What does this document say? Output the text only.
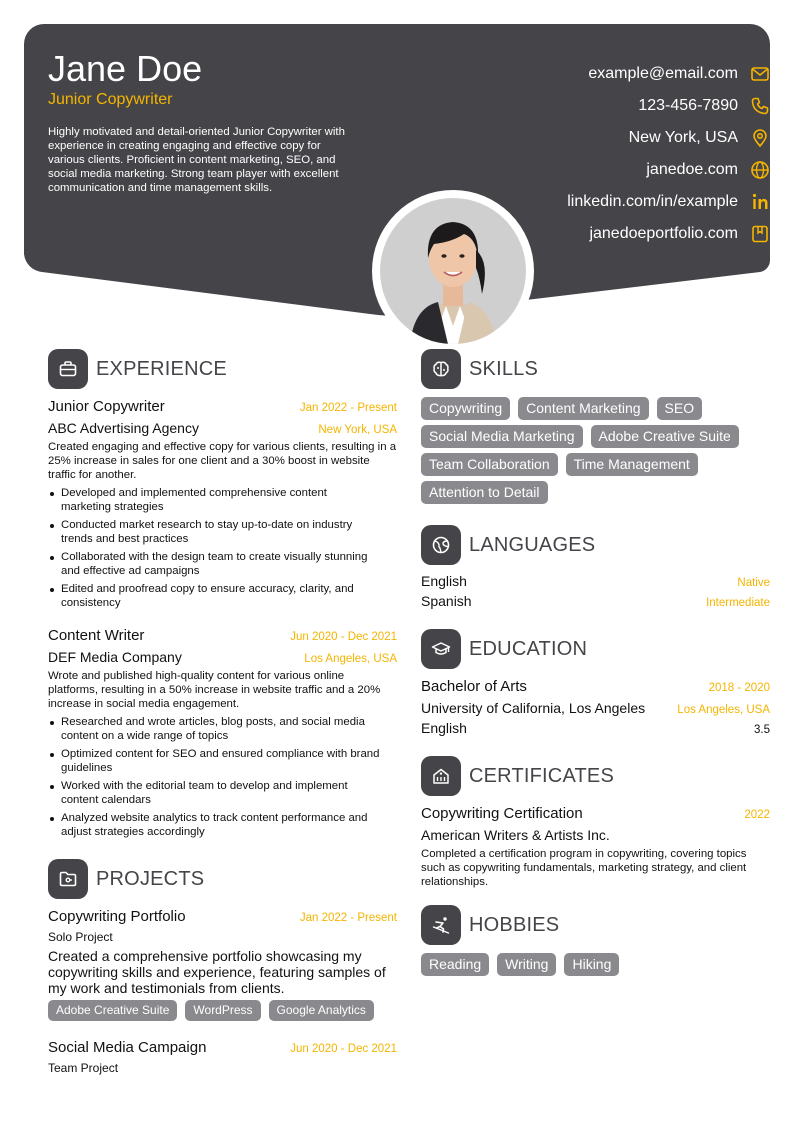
Jane Doe
Junior Copywriter
Highly motivated and detail-oriented Junior Copywriter with experience in creating engaging and effective copy for various clients. Proficient in content marketing, SEO, and social media marketing. Strong team player with excellent communication and time management skills.
example@email.com
123-456-7890
New York, USA
janedoe.com
linkedin.com/in/example
janedoeportfolio.com
EXPERIENCE
Junior Copywriter	Jan 2022 - Present
ABC Advertising Agency	New York, USA
Created engaging and effective copy for various clients, resulting in a 25% increase in sales for one client and a 30% boost in website traffic for another.
Developed and implemented comprehensive content marketing strategies
Conducted market research to stay up-to-date on industry trends and best practices
Collaborated with the design team to create visually stunning and effective ad campaigns
Edited and proofread copy to ensure accuracy, clarity, and consistency
Content Writer	Jun 2020 - Dec 2021
DEF Media Company	Los Angeles, USA
Wrote and published high-quality content for various online platforms, resulting in a 50% increase in website traffic and a 20% increase in social media engagement.
Researched and wrote articles, blog posts, and social media content on a wide range of topics
Optimized content for SEO and ensured compliance with brand guidelines
Worked with the editorial team to develop and implement content calendars
Analyzed website analytics to track content performance and adjust strategies accordingly
PROJECTS
Copywriting Portfolio	Jan 2022 - Present
Solo Project
Created a comprehensive portfolio showcasing my copywriting skills and experience, featuring samples of my work and testimonials from clients.
Adobe Creative Suite	WordPress	Google Analytics
Social Media Campaign	Jun 2020 - Dec 2021
Team Project
SKILLS
Copywriting	Content Marketing	SEO
Social Media Marketing	Adobe Creative Suite
Team Collaboration	Time Management
Attention to Detail
LANGUAGES
English	Native
Spanish	Intermediate
EDUCATION
Bachelor of Arts	2018 - 2020
University of California, Los Angeles	Los Angeles, USA
English	3.5
CERTIFICATES
Copywriting Certification	2022
American Writers & Artists Inc.
Completed a certification program in copywriting, covering topics such as copywriting fundamentals, marketing strategy, and client relationships.
HOBBIES
Reading	Writing	Hiking
